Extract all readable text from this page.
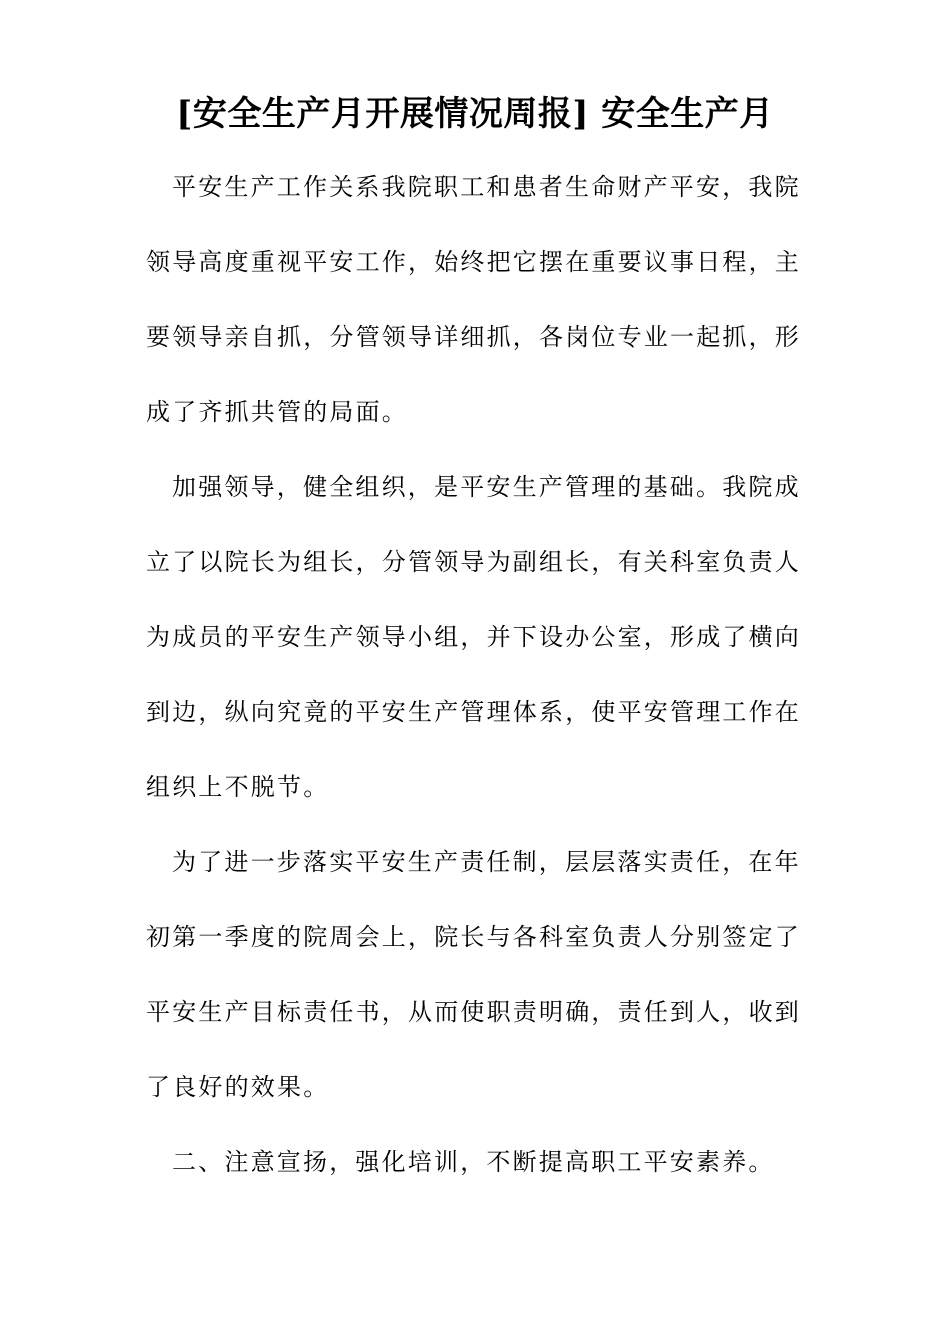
[安全生产月开展情况周报] 安全生产月

平安生产工作关系我院职工和患者生命财产平安，我院
领导高度重视平安工作，始终把它摆在重要议事日程，主
要领导亲自抓，分管领导详细抓，各岗位专业一起抓，形
成了齐抓共管的局面。

加强领导，健全组织，是平安生产管理的基础。我院成
立了以院长为组长，分管领导为副组长，有关科室负责人
为成员的平安生产领导小组，并下设办公室，形成了横向
到边，纵向究竟的平安生产管理体系，使平安管理工作在
组织上不脱节。

为了进一步落实平安生产责任制，层层落实责任，在年
初第一季度的院周会上，院长与各科室负责人分别签定了
平安生产目标责任书，从而使职责明确，责任到人，收到
了良好的效果。

二、注意宣扬，强化培训，不断提高职工平安素养。
